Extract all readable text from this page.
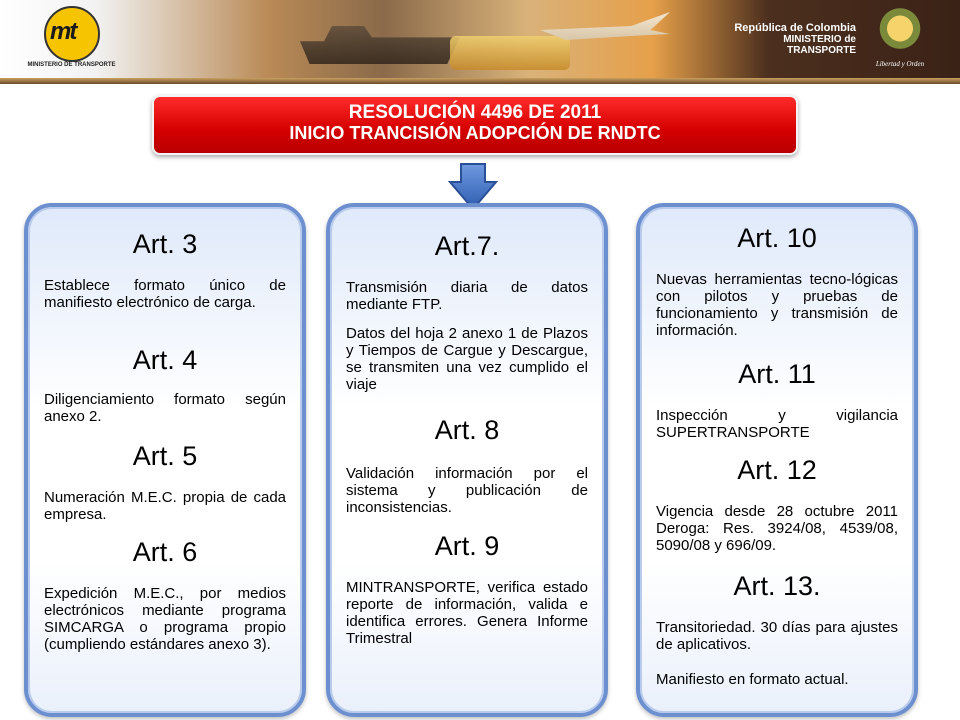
mt
MINISTERIO DE TRANSPORTE
República de Colombia
MINISTERIO de TRANSPORTE
Libertad y Orden
RESOLUCIÓN 4496 DE 2011
INICIO TRANCISIÓN ADOPCIÓN DE RNDTC
Art. 3
Establece formato único de manifiesto electrónico de carga.
Art. 4
Diligenciamiento formato según anexo 2.
Art. 5
Numeración M.E.C. propia de cada empresa.
Art. 6
Expedición M.E.C., por medios electrónicos mediante programa SIMCARGA o programa propio (cumpliendo estándares anexo 3).
Art.7.
Transmisión diaria de datos mediante FTP.
Datos del hoja 2 anexo 1 de Plazos y Tiempos de Cargue y Descargue, se transmiten una vez cumplido el viaje
Art. 8
Validación información por el sistema y publicación de inconsistencias.
Art. 9
MINTRANSPORTE, verifica estado reporte de información, valida e identifica errores. Genera Informe Trimestral
Art. 10
Nuevas herramientas tecno-lógicas con pilotos y pruebas de funcionamiento y transmisión de información.
Art. 11
Inspección y vigilancia SUPERTRANSPORTE
Art. 12
Vigencia desde 28 octubre 2011 Deroga: Res. 3924/08, 4539/08, 5090/08 y 696/09.
Art. 13.
Transitoriedad. 30 días para ajustes de aplicativos.
Manifiesto en formato actual.
